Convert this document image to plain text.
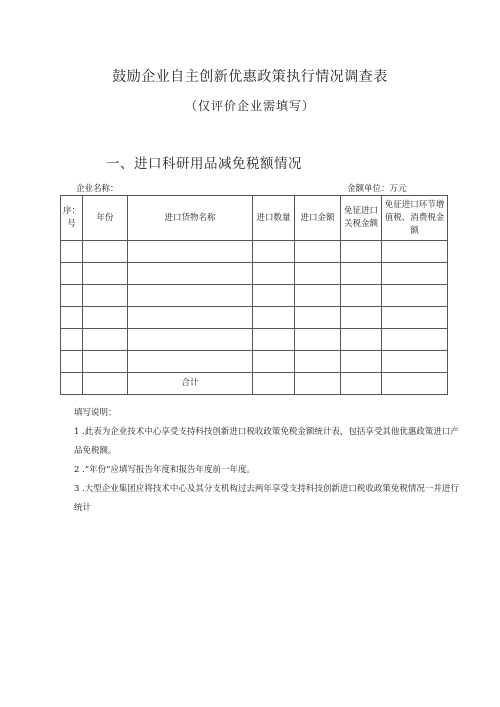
鼓励企业自主创新优惠政策执行情况调查表
（仅评价企业需填写）
一、进口科研用品减免税额情况
企业名称：	金额单位：万元
序：号	年份	进口货物名称	进口数量	进口金额	免征进口关税金额	免征进口环节增值税、消费税金额

		合计				

填写说明：

1 .此表为企业技术中心享受支持科技创新进口税收政策免税金额统计表，包括享受其他优惠政策进口产品免税额。

2 .“年份”应填写报告年度和报告年度前一年度。

3 .大型企业集团应将技术中心及其分支机构过去两年享受支持科技创新进口税收政策免税情况一并进行统计
